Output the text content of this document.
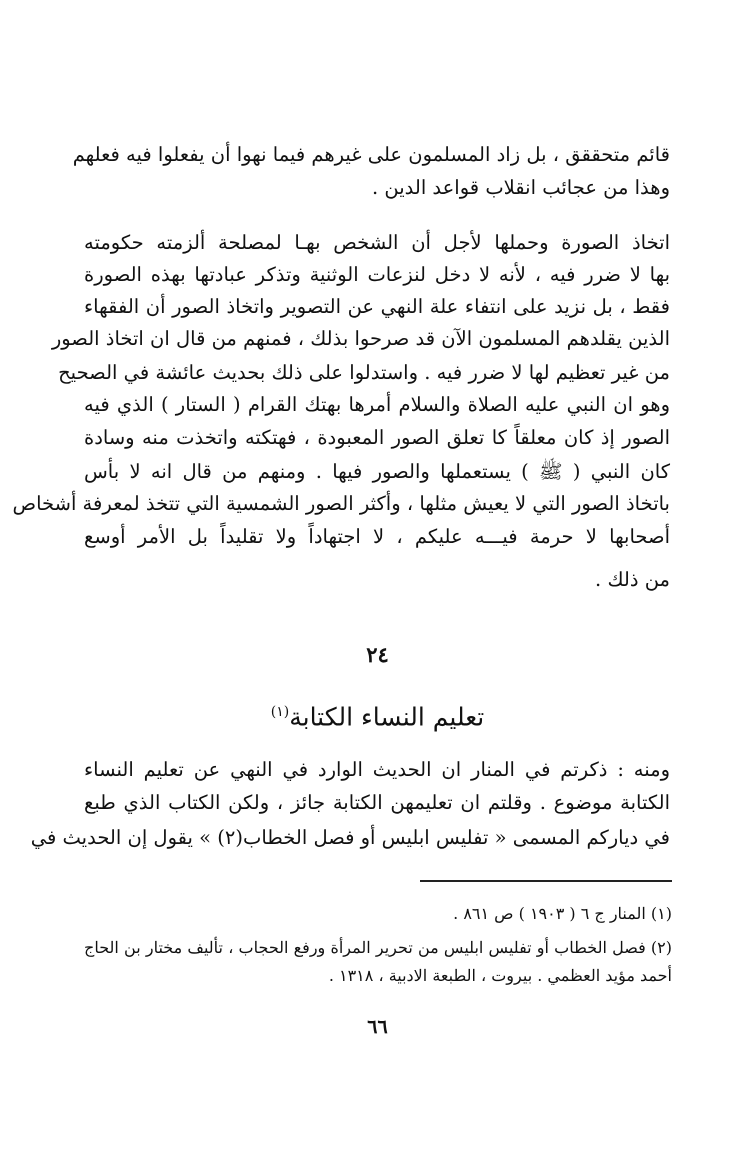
قائم متحققق ، بل زاد المسلمون على غيرهم فيما نهوا أن يفعلوا فيه فعلهم
وهذا من عجائب انقلاب قواعد الدين .
اتخاذ الصورة وحملها لأجل أن الشخص بهـا لمصلحة ألزمته حكومته
بها لا ضرر فيه ، لأنه لا دخل لنزعات الوثنية وتذكر عبادتها بهذه الصورة
فقط ، بل نزيد على انتفاء علة النهي عن التصوير واتخاذ الصور أن الفقهاء
الذين يقلدهم المسلمون الآن قد صرحوا بذلك ، فمنهم من قال ان اتخاذ الصور
من غير تعظيم لها لا ضرر فيه . واستدلوا على ذلك بحديث عائشة في الصحيح
وهو ان النبي عليه الصلاة والسلام أمرها بهتك القرام ( الستار ) الذي فيه
الصور إذ كان معلقاً كا تعلق الصور المعبودة ، فهتكته واتخذت منه وسادة
كان النبي ( ﷺ ) يستعملها والصور فيها . ومنهم من قال انه لا بأس
باتخاذ الصور التي لا يعيش مثلها ، وأكثر الصور الشمسية التي تتخذ لمعرفة أشخاص
أصحابها لا حرمة فيـــه عليكم ، لا اجتهاداً ولا تقليداً بل الأمر أوسع
من ذلك .
٢٤
تعليم النساء الكتابة$^{(١)}$
ومنه : ذكرتم في المنار ان الحديث الوارد في النهي عن تعليم النساء
الكتابة موضوع . وقلتم ان تعليمهن الكتابة جائز ، ولكن الكتاب الذي طبع
في دياركم المسمى « تفليس ابليس أو فصل الخطاب(٢) » يقول إن الحديث في
(١) المنار ج ٦ ( ١٩٠٣ ) ص ٨٦١ .
(٢) فصل الخطاب أو تفليس ابليس من تحرير المرأة ورفع الحجاب ، تأليف مختار بن الحاج
أحمد مؤيد العظمي . بيروت ، الطبعة الادبية ، ١٣١٨ .
٦٦
